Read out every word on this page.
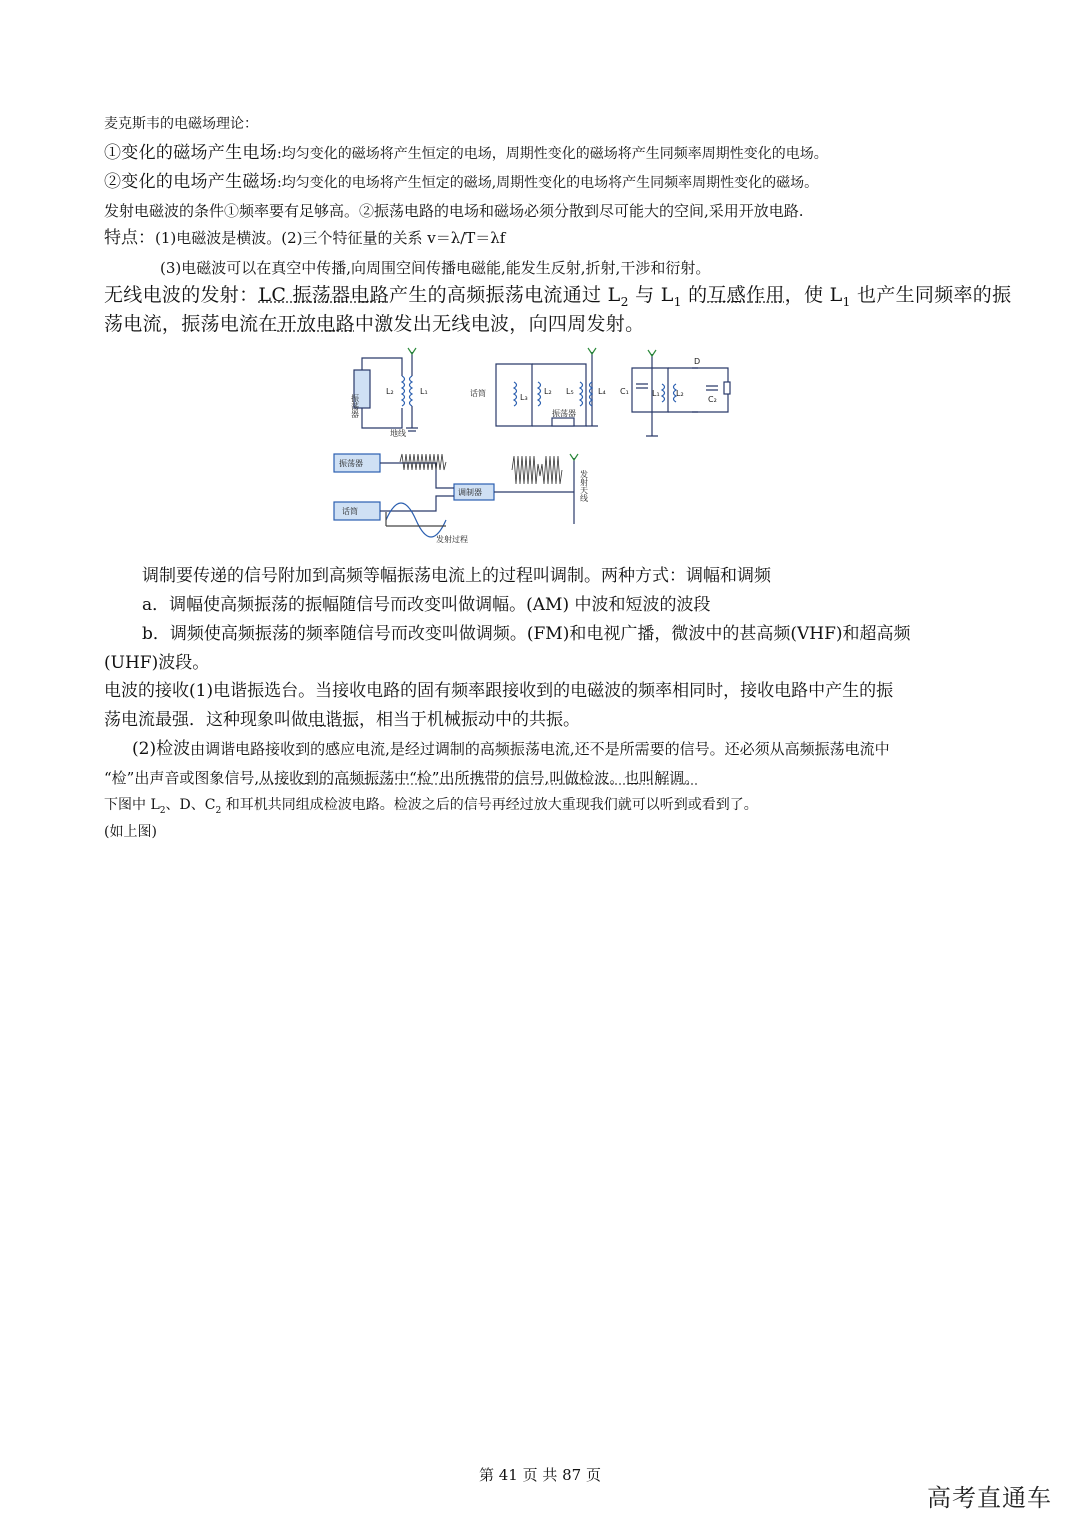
麦克斯韦的电磁场理论：
①变化的磁场产生电场:均匀变化的磁场将产生恒定的电场，周期性变化的磁场将产生同频率周期性变化的电场。
②变化的电场产生磁场:均匀变化的电场将产生恒定的磁场,周期性变化的电场将产生同频率周期性变化的磁场。
发射电磁波的条件①频率要有足够高。②振荡电路的电场和磁场必须分散到尽可能大的空间,采用开放电路.
特点：(1)电磁波是横波。(2)三个特征量的关系 v＝λ/T＝λf
(3)电磁波可以在真空中传播,向周围空间传播电磁能,能发生反射,折射,干涉和衍射。
无线电波的发射：LC 振荡器电路产生的高频振荡电流通过 $L_2$ 与 $L_1$ 的互感作用，使 $L_1$ 也产生同频率的振
荡电流，振荡电流在开放电路中激发出无线电波，向四周发射。
振荡器
L₂	L₁
地线
话筒	L₃
L₂ L₅	L₄
振荡器
C₁	L₁ L₂
C₂
D
振荡器
调制器
话筒
发射天线
发射过程
调制要传递的信号附加到高频等幅振荡电流上的过程叫调制。两种方式：调幅和调频
a．调幅使高频振荡的振幅随信号而改变叫做调幅。(AM) 中波和短波的波段
b．调频使高频振荡的频率随信号而改变叫做调频。(FM)和电视广播，微波中的甚高频(VHF)和超高频
(UHF)波段。
电波的接收(1)电谐振选台。当接收电路的固有频率跟接收到的电磁波的频率相同时，接收电路中产生的振
荡电流最强．这种现象叫做电谐振，相当于机械振动中的共振。
(2)检波由调谐电路接收到的感应电流,是经过调制的高频振荡电流,还不是所需要的信号。还必须从高频振荡电流中
“检”出声音或图象信号,从接收到的高频振荡中“检”出所携带的信号,叫做检波。也叫解调。
下图中 $L_2$、D、$C_2$ 和耳机共同组成检波电路。检波之后的信号再经过放大重现我们就可以听到或看到了。
(如上图)
第 41 页 共 87 页
高考直通车
